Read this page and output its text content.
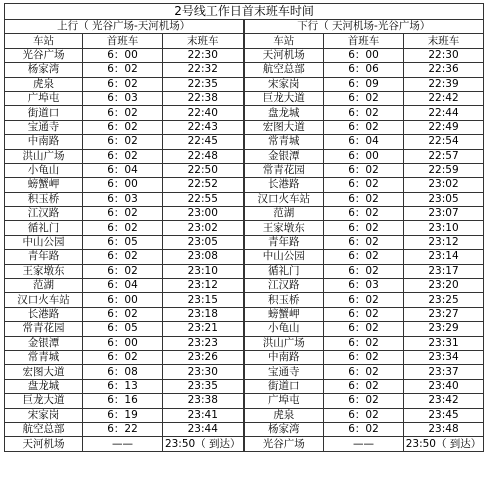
2号线工作日首末班车时间					
上行（ 光谷广场-天河机场）			下行（ 天河机场-光谷广场）		
车站	首班车	末班车	车站	首班车	末班车
光谷广场	6：00	22:30	天河机场	6：00	22:30
杨家湾	6：02	22:32	航空总部	6：06	22:36
虎泉	6：02	22:35	宋家岗	6：09	22:39
广埠屯	6：03	22:38	巨龙大道	6：02	22:42
街道口	6：02	22:40	盘龙城	6：02	22:44
宝通寺	6：02	22:43	宏图大道	6：02	22:49
中南路	6：02	22:45	常青城	6：04	22:54
洪山广场	6：02	22:48	金银潭	6：00	22:57
小龟山	6：04	22:50	常青花园	6：02	22:59
螃蟹岬	6：00	22:52	长港路	6：02	23:02
积玉桥	6：03	22:55	汉口火车站	6：02	23:05
江汉路	6：02	23:00	范湖	6：02	23:07
循礼门	6：02	23:02	王家墩东	6：02	23:10
中山公园	6：05	23:05	青年路	6：02	23:12
青年路	6：02	23:08	中山公园	6：02	23:14
王家墩东	6：02	23:10	循礼门	6：02	23:17
范湖	6：04	23:12	江汉路	6：03	23:20
汉口火车站	6：00	23:15	积玉桥	6：02	23:25
长港路	6：02	23:18	螃蟹岬	6：02	23:27
常青花园	6：05	23:21	小龟山	6：02	23:29
金银潭	6：00	23:23	洪山广场	6：02	23:31
常青城	6：02	23:26	中南路	6：02	23:34
宏图大道	6：08	23:30	宝通寺	6：02	23:37
盘龙城	6：13	23:35	街道口	6：02	23:40
巨龙大道	6：16	23:38	广埠屯	6：02	23:42
宋家岗	6：19	23:41	虎泉	6：02	23:45
航空总部	6：22	23:44	杨家湾	6：02	23:48
天河机场	——	23:50（ 到达）	光谷广场	——	23:50（ 到达）
